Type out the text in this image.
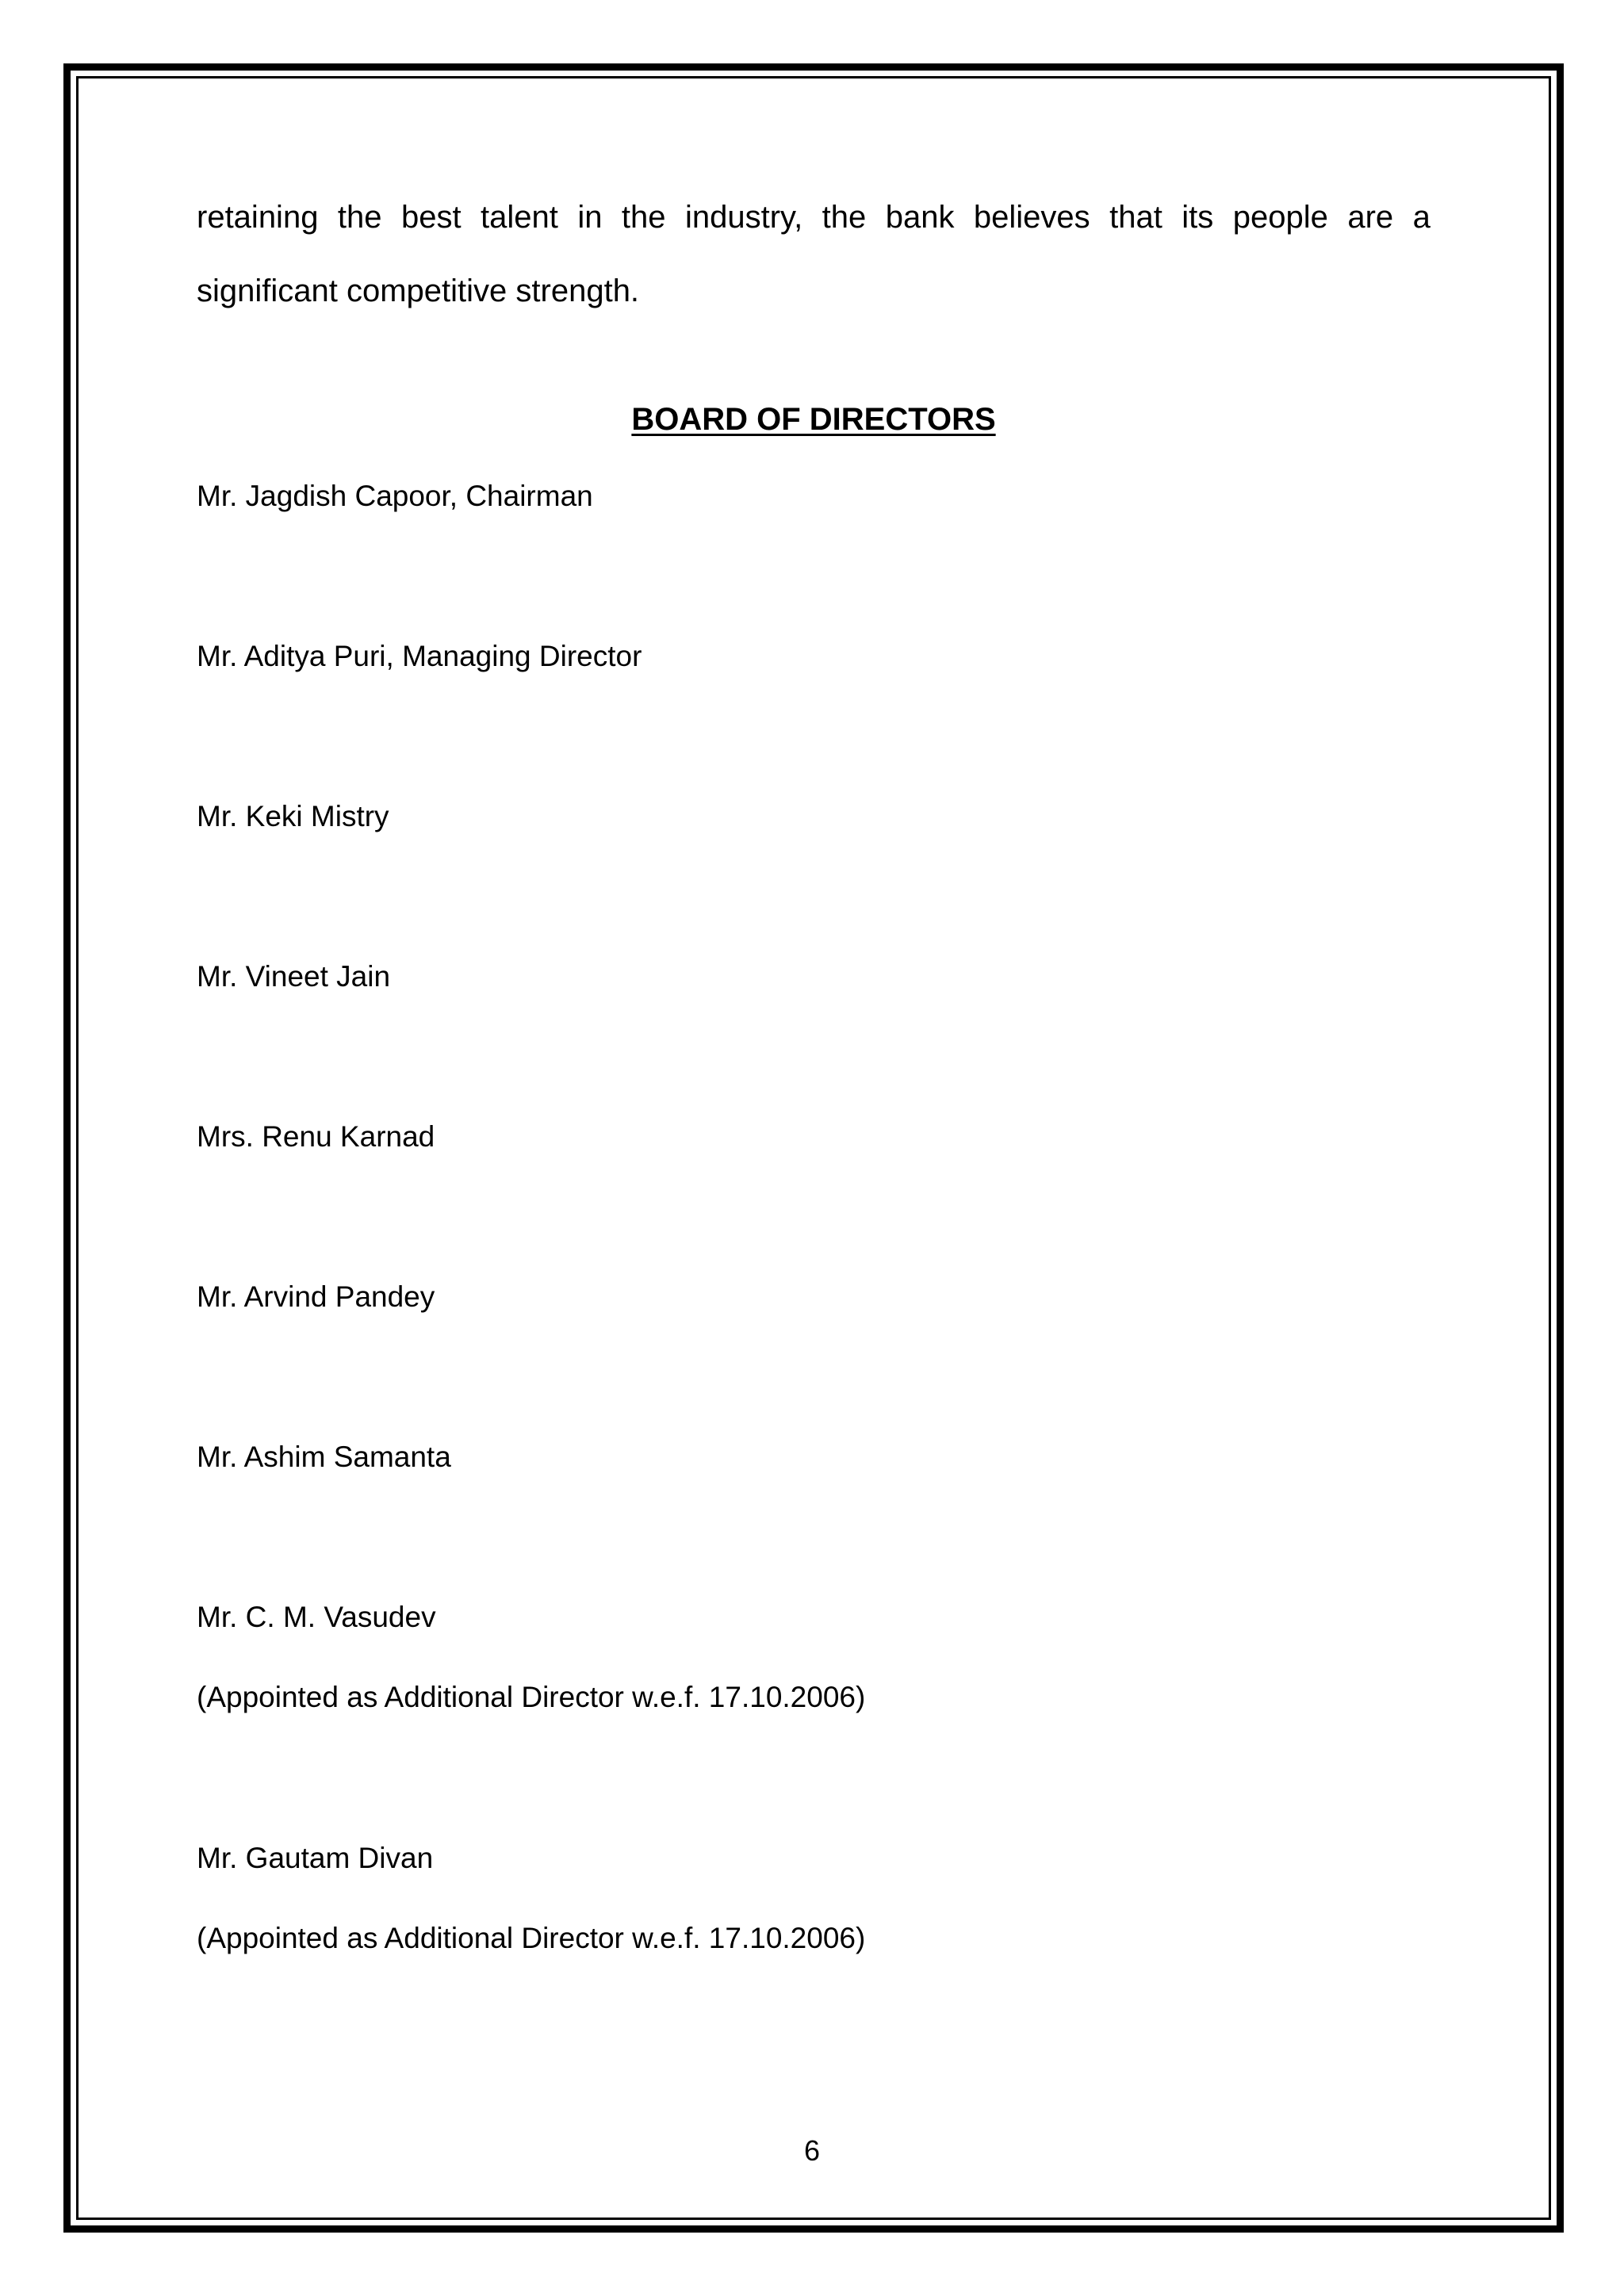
retaining the best talent in the industry, the bank believes that its people are a
significant competitive strength.
BOARD OF DIRECTORS
Mr. Jagdish Capoor, Chairman
Mr. Aditya Puri, Managing Director
Mr. Keki Mistry
Mr. Vineet Jain
Mrs. Renu Karnad
Mr. Arvind Pandey
Mr. Ashim Samanta
Mr. C. M. Vasudev
(Appointed as Additional Director w.e.f. 17.10.2006)
Mr. Gautam Divan
(Appointed as Additional Director w.e.f. 17.10.2006)
6
